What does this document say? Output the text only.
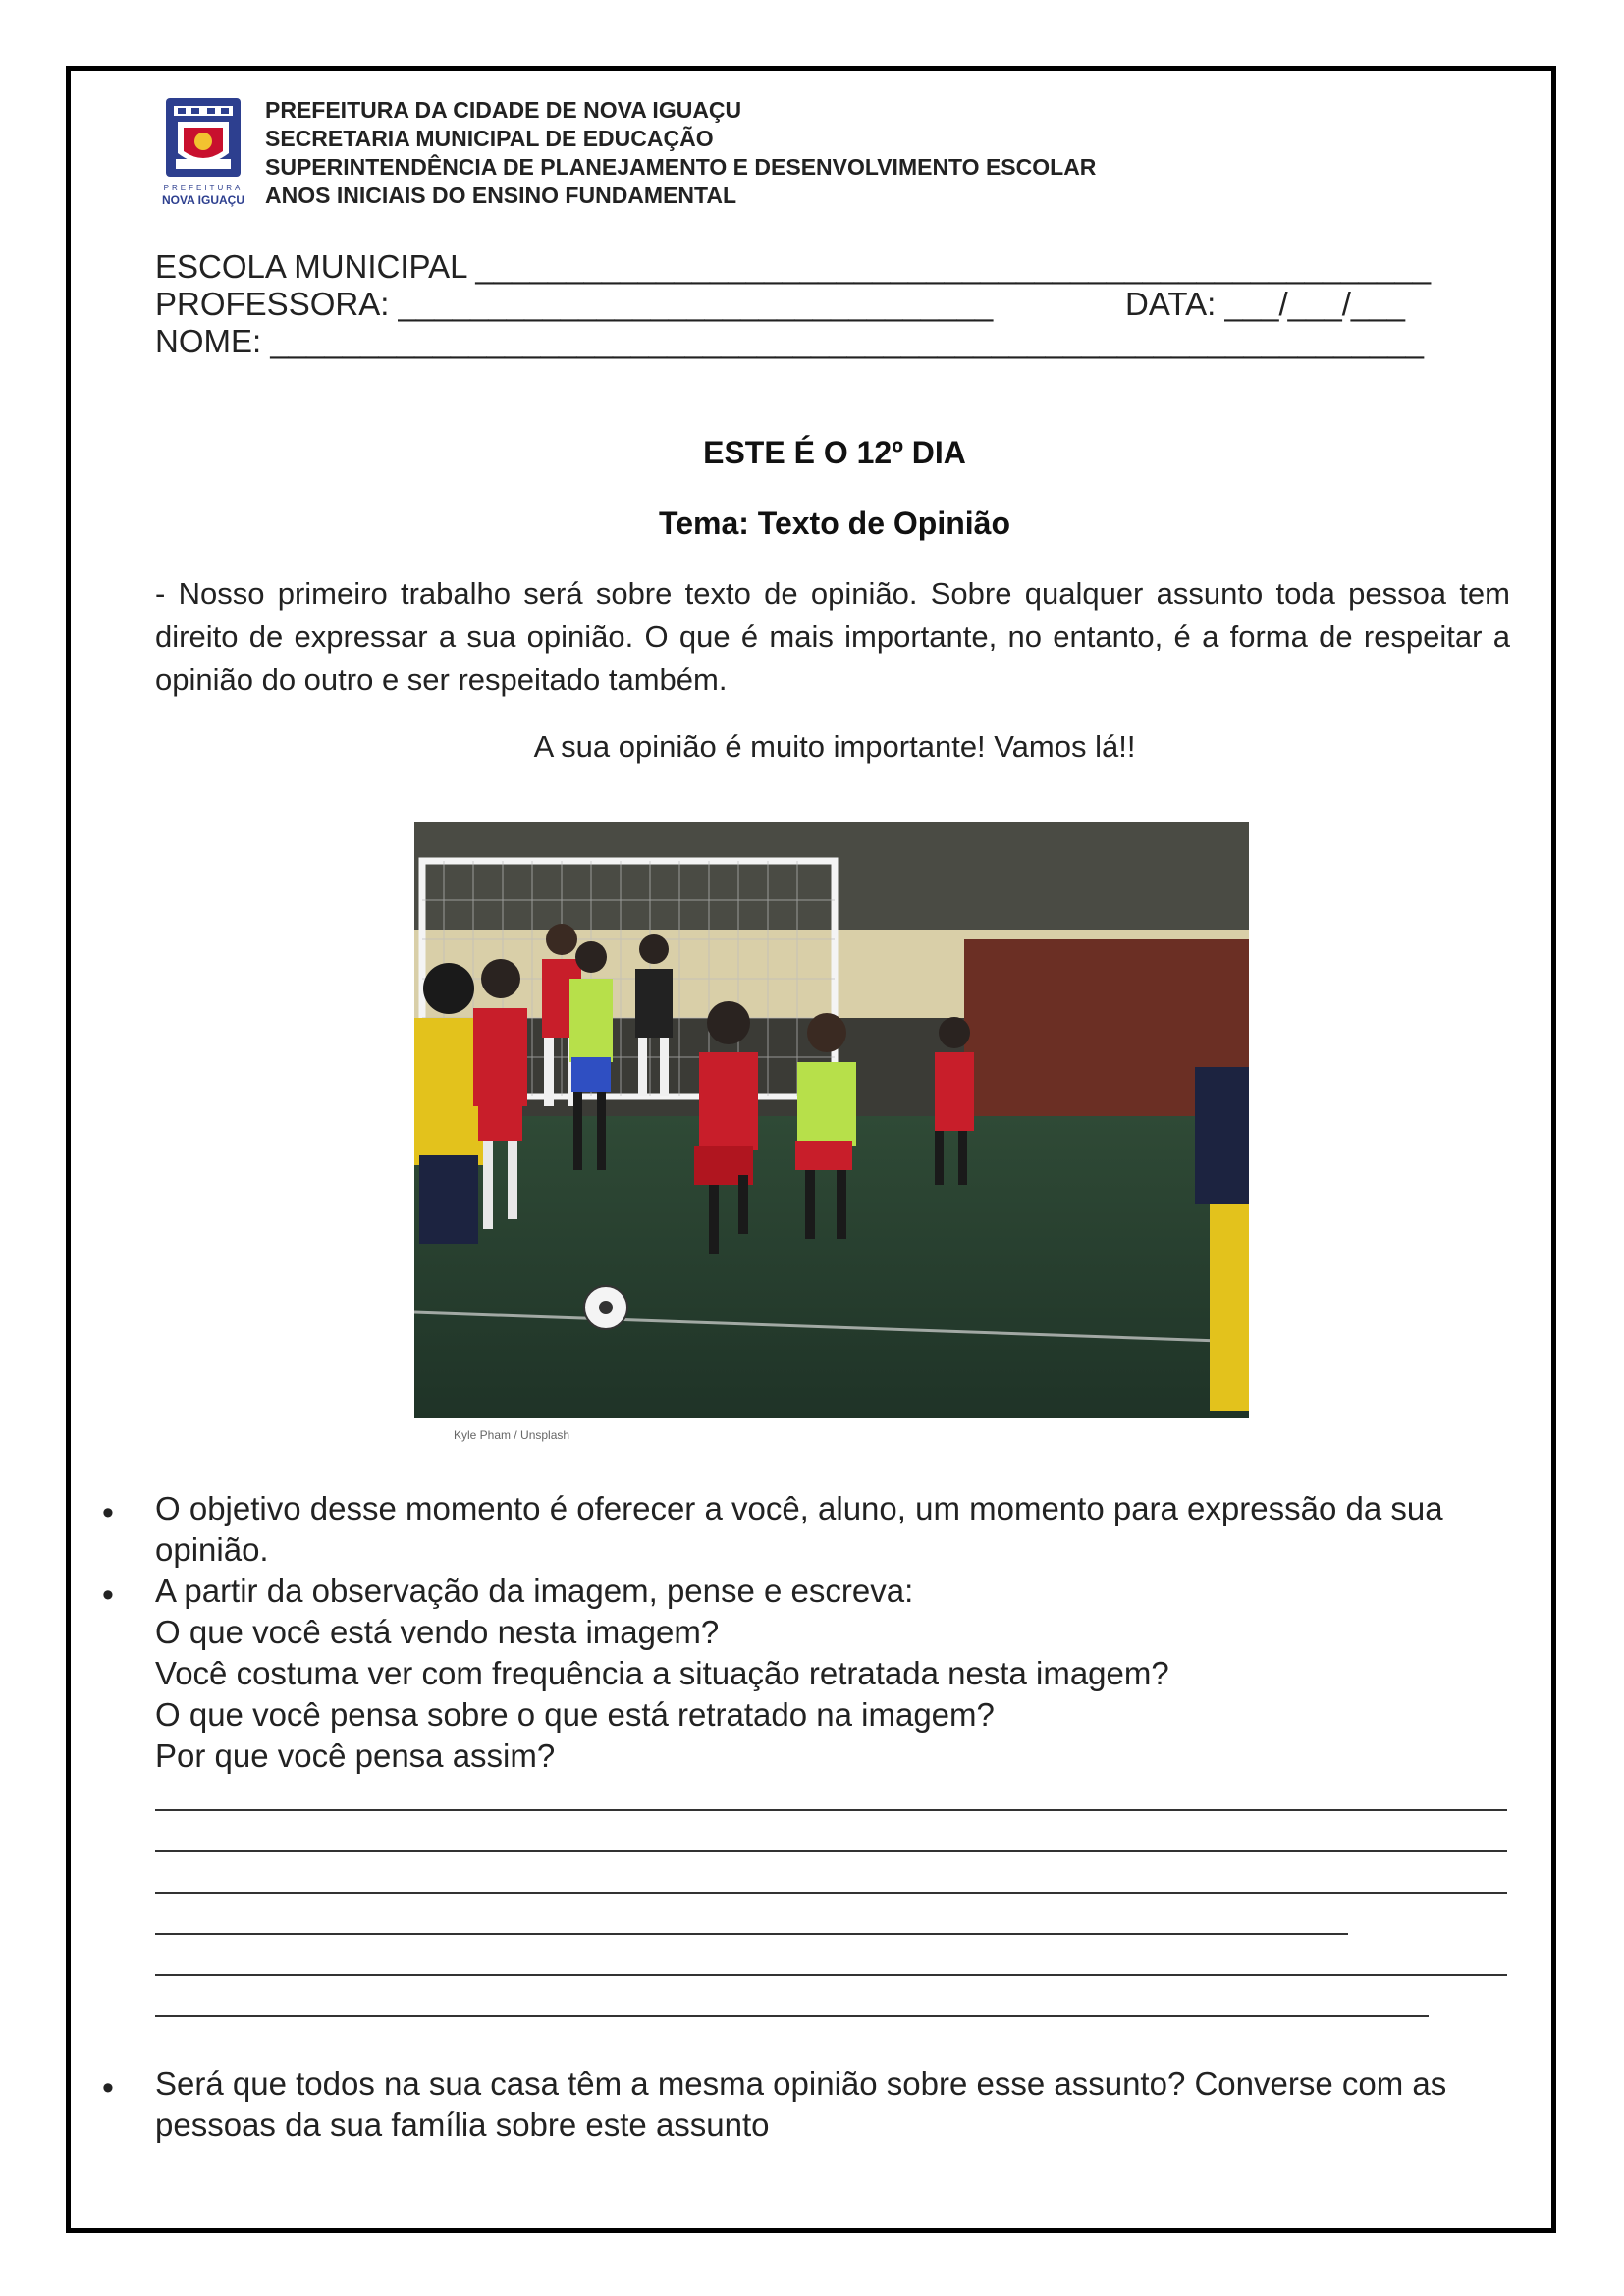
PREFEITURA
NOVA IGUAÇU
PREFEITURA DA CIDADE DE NOVA IGUAÇU
SECRETARIA MUNICIPAL DE EDUCAÇÃO
SUPERINTENDÊNCIA DE PLANEJAMENTO E DESENVOLVIMENTO ESCOLAR
ANOS INICIAIS DO ENSINO FUNDAMENTAL
ESCOLA MUNICIPAL _____________________________________________________
PROFESSORA: _________________________________	DATA: ___/___/___
NOME: ________________________________________________________________
ESTE É O 12º DIA
Tema: Texto de Opinião
- Nosso primeiro trabalho será sobre texto de opinião. Sobre qualquer assunto toda pessoa tem direito de expressar a sua opinião. O que é mais importante, no entanto, é a forma de respeitar a opinião do outro e ser respeitado também.
A sua opinião é muito importante! Vamos lá!!
Kyle Pham / Unsplash
• O objetivo desse momento é oferecer a você, aluno, um momento para expressão da sua opinião.
• A partir da observação da imagem, pense e escreva:
O que você está vendo nesta imagem?
Você costuma ver com frequência a situação retratada nesta imagem?
O que você pensa sobre o que está retratado na imagem?
Por que você pensa assim?
• Será que todos na sua casa têm a mesma opinião sobre esse assunto? Converse com as pessoas da sua família sobre este assunto
